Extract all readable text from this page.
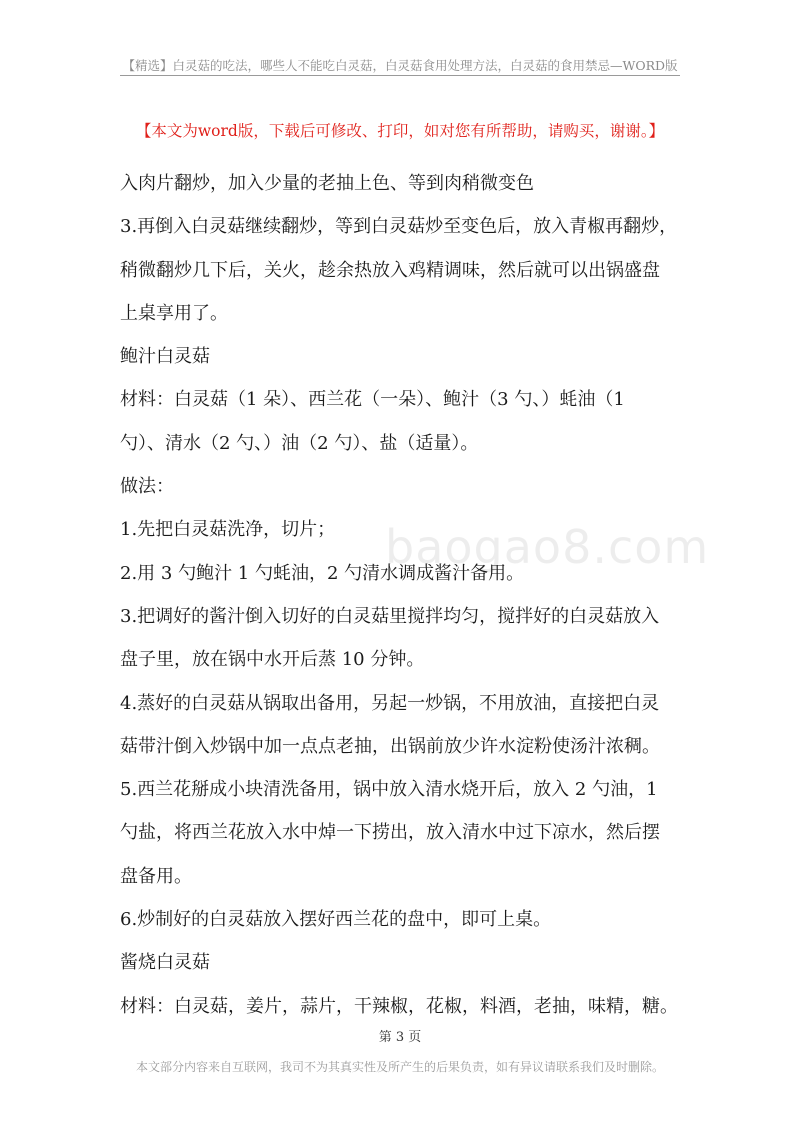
【精选】白灵菇的吃法，哪些人不能吃白灵菇，白灵菇食用处理方法，白灵菇的食用禁忌—WORD版
【本文为word版，下载后可修改、打印，如对您有所帮助，请购买，谢谢。】
baogao8.com
入肉片翻炒，加入少量的老抽上色、等到肉稍微变色
3.再倒入白灵菇继续翻炒，等到白灵菇炒至变色后，放入青椒再翻炒，
稍微翻炒几下后，关火，趁余热放入鸡精调味，然后就可以出锅盛盘
上桌享用了。
鲍汁白灵菇
材料：白灵菇（1 朵）、西兰花（一朵）、鲍汁（3 勺、）蚝油（1
勺）、清水（2 勺、）油（2 勺）、盐（适量）。
做法：
1.先把白灵菇洗净，切片；
2.用 3 勺鲍汁 1 勺蚝油，2 勺清水调成酱汁备用。
3.把调好的酱汁倒入切好的白灵菇里搅拌均匀，搅拌好的白灵菇放入
盘子里，放在锅中水开后蒸 10 分钟。
4.蒸好的白灵菇从锅取出备用，另起一炒锅，不用放油，直接把白灵
菇带汁倒入炒锅中加一点点老抽，出锅前放少许水淀粉使汤汁浓稠。
5.西兰花掰成小块清洗备用，锅中放入清水烧开后，放入 2 勺油，1
勺盐，将西兰花放入水中焯一下捞出，放入清水中过下凉水，然后摆
盘备用。
6.炒制好的白灵菇放入摆好西兰花的盘中，即可上桌。
酱烧白灵菇
材料：白灵菇，姜片，蒜片，干辣椒，花椒，料酒，老抽，味精，糖。
第 3 页
本文部分内容来自互联网，我司不为其真实性及所产生的后果负责，如有异议请联系我们及时删除。
